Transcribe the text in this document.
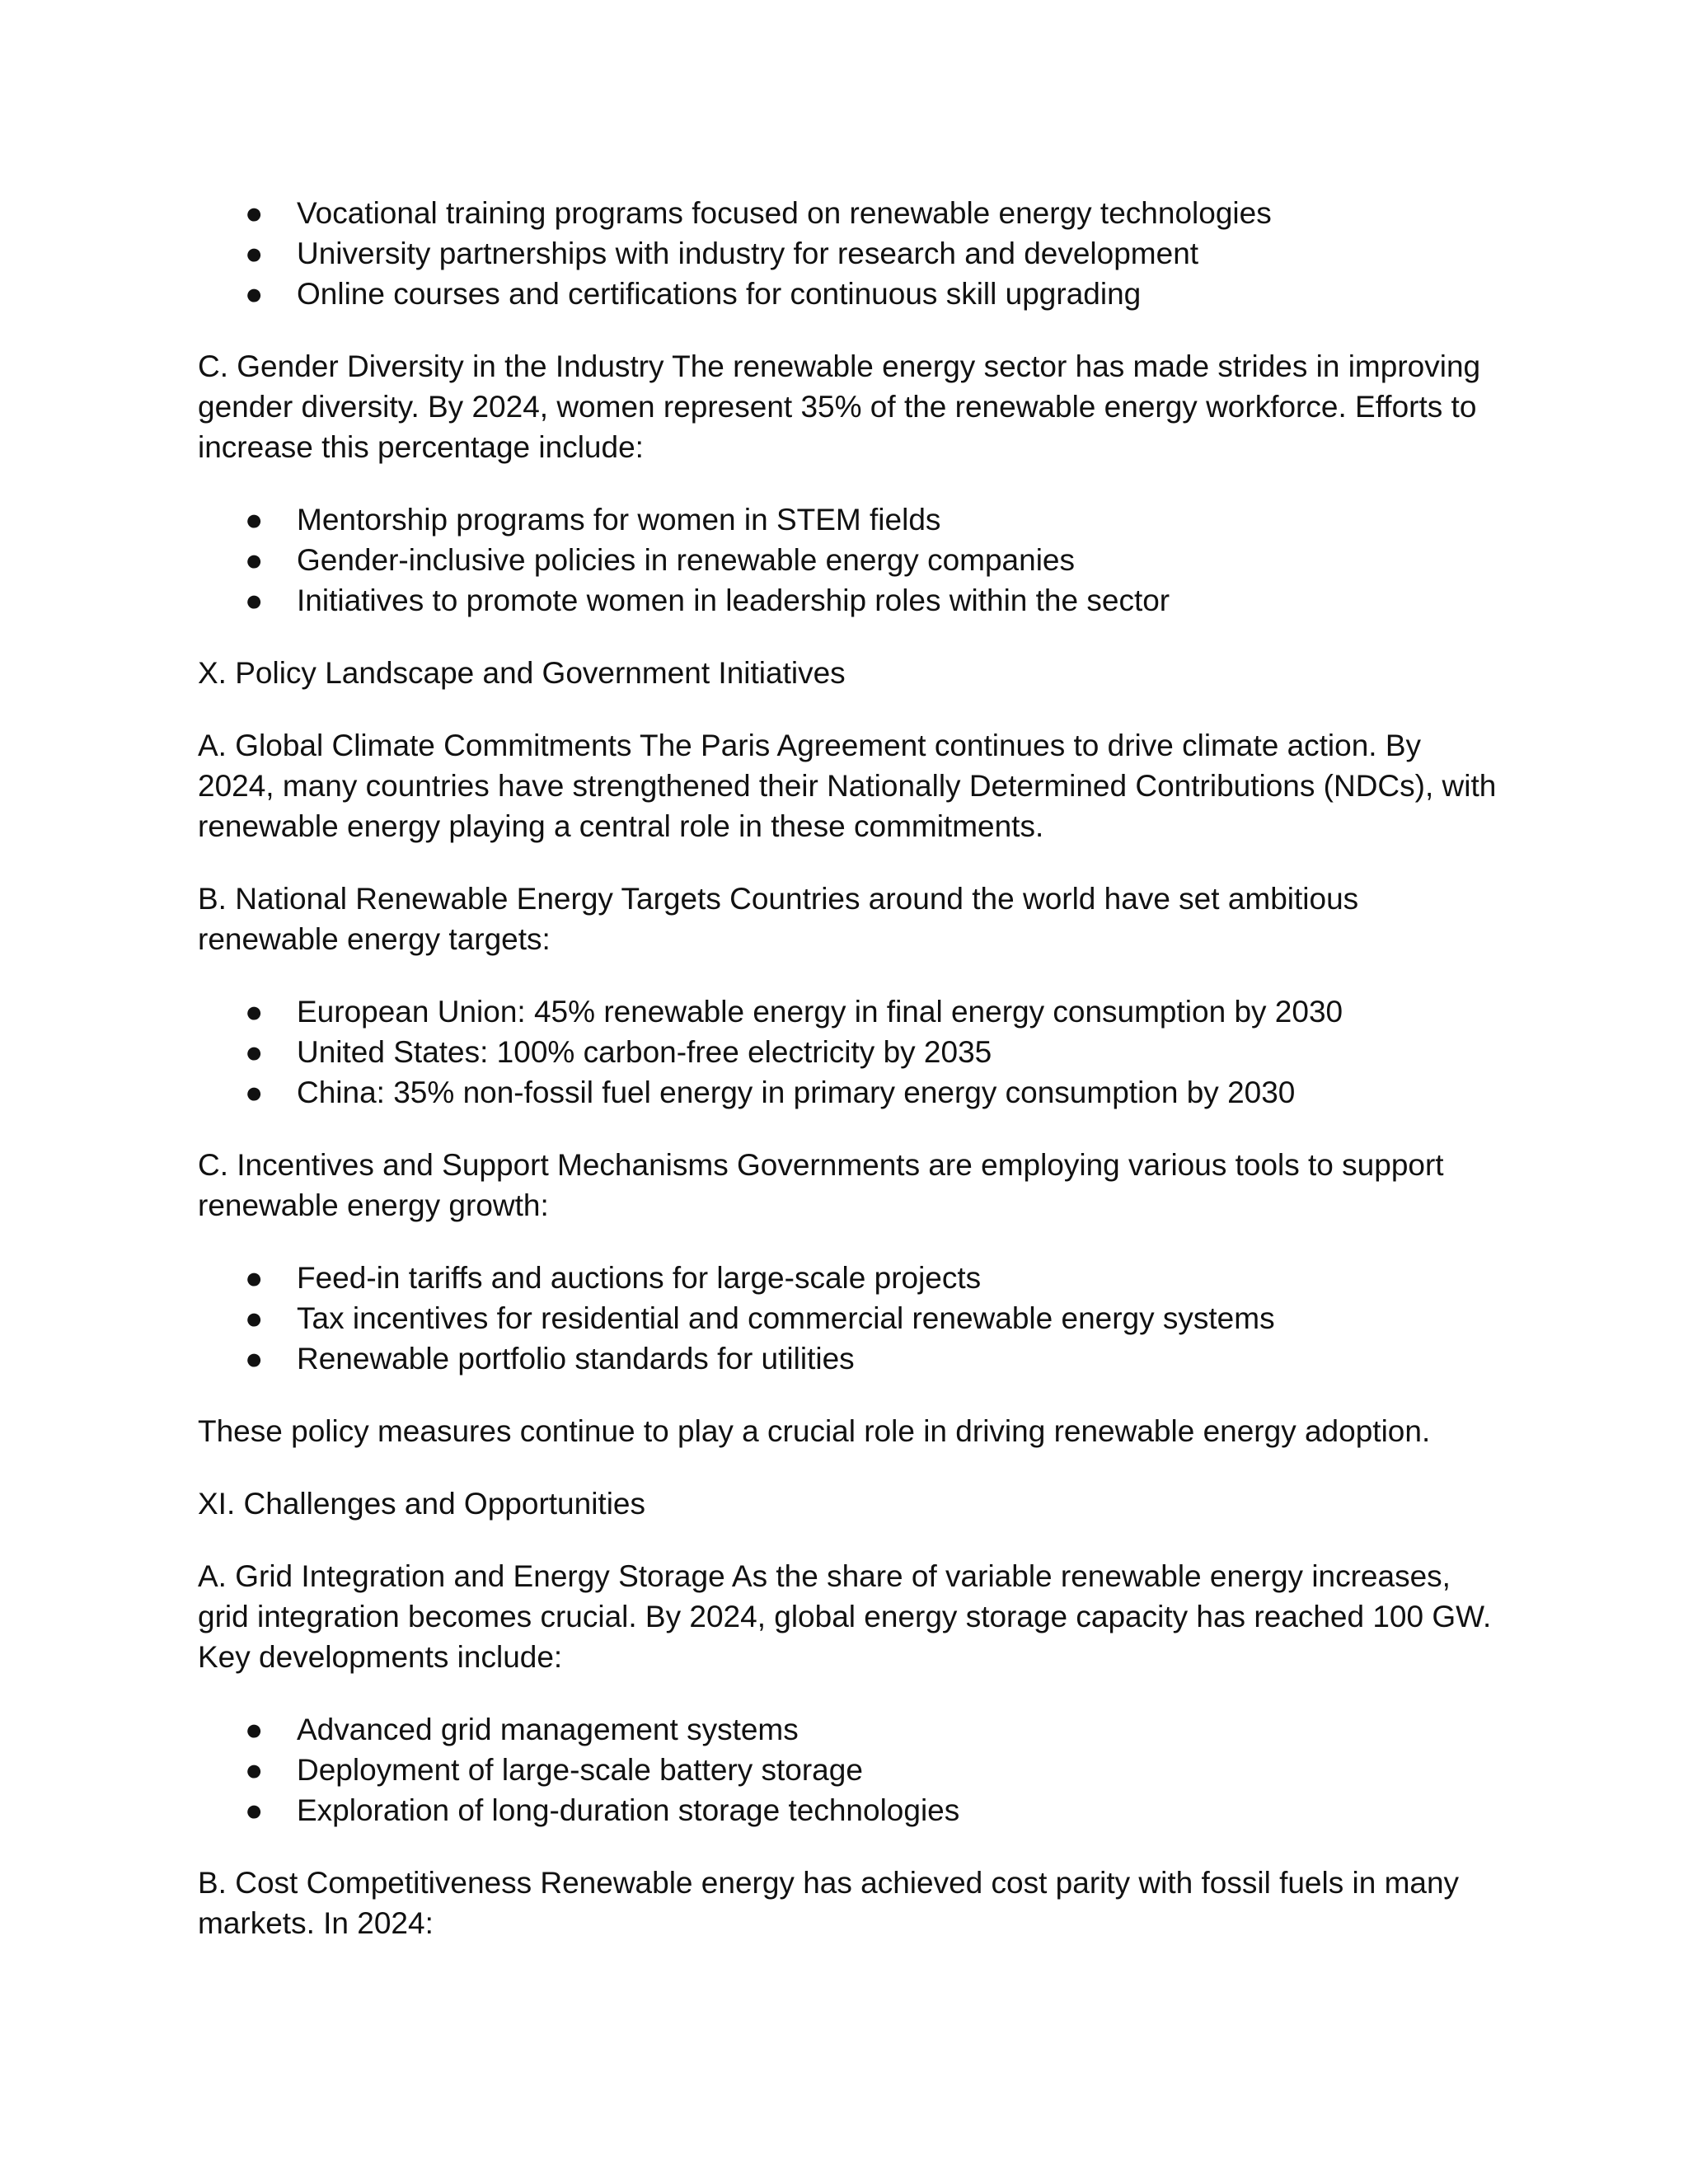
● Vocational training programs focused on renewable energy technologies
● University partnerships with industry for research and development
● Online courses and certifications for continuous skill upgrading

C. Gender Diversity in the Industry The renewable energy sector has made strides in improving gender diversity. By 2024, women represent 35% of the renewable energy workforce. Efforts to increase this percentage include:

● Mentorship programs for women in STEM fields
● Gender-inclusive policies in renewable energy companies
● Initiatives to promote women in leadership roles within the sector

X. Policy Landscape and Government Initiatives

A. Global Climate Commitments The Paris Agreement continues to drive climate action. By 2024, many countries have strengthened their Nationally Determined Contributions (NDCs), with renewable energy playing a central role in these commitments.

B. National Renewable Energy Targets Countries around the world have set ambitious renewable energy targets:

● European Union: 45% renewable energy in final energy consumption by 2030
● United States: 100% carbon-free electricity by 2035
● China: 35% non-fossil fuel energy in primary energy consumption by 2030

C. Incentives and Support Mechanisms Governments are employing various tools to support renewable energy growth:

● Feed-in tariffs and auctions for large-scale projects
● Tax incentives for residential and commercial renewable energy systems
● Renewable portfolio standards for utilities

These policy measures continue to play a crucial role in driving renewable energy adoption.

XI. Challenges and Opportunities

A. Grid Integration and Energy Storage As the share of variable renewable energy increases, grid integration becomes crucial. By 2024, global energy storage capacity has reached 100 GW. Key developments include:

● Advanced grid management systems
● Deployment of large-scale battery storage
● Exploration of long-duration storage technologies

B. Cost Competitiveness Renewable energy has achieved cost parity with fossil fuels in many markets. In 2024:
